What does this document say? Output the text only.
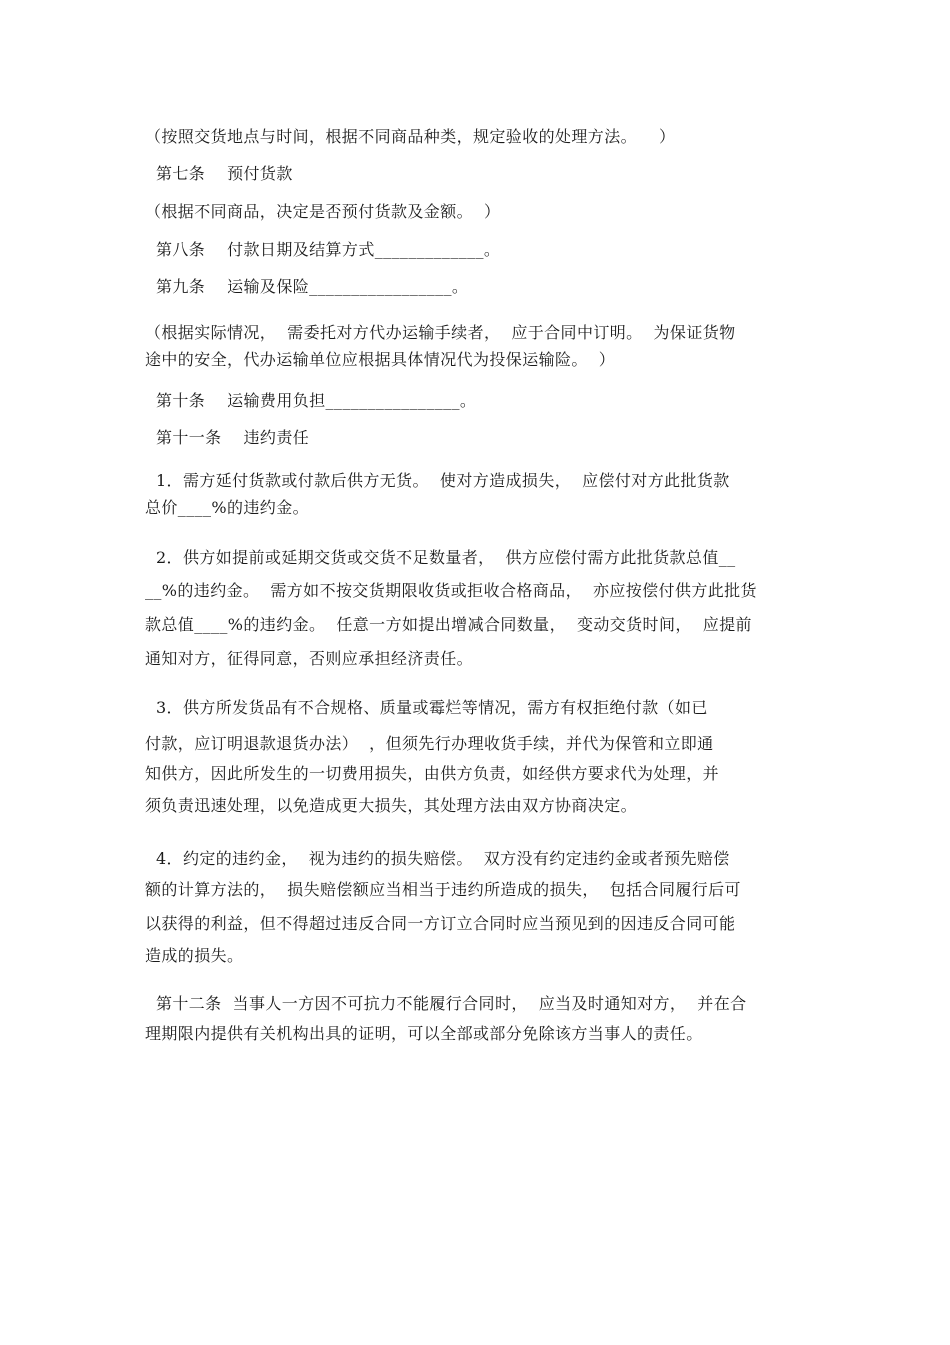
（按照交货地点与时间，根据不同商品种类，规定验收的处理方法。    ）
第七条    预付货款
（根据不同商品，决定是否预付货款及金额。  ）
第八条    付款日期及结算方式_____________。
第九条    运输及保险_________________。
（根据实际情况，  需委托对方代办运输手续者，  应于合同中订明。  为保证货物
途中的安全，代办运输单位应根据具体情况代为投保运输险。  ）
第十条    运输费用负担________________。
第十一条    违约责任
1．需方延付货款或付款后供方无货。  使对方造成损失，  应偿付对方此批货款
总价____%的违约金。
2．供方如提前或延期交货或交货不足数量者，  供方应偿付需方此批货款总值__
__%的违约金。  需方如不按交货期限收货或拒收合格商品，  亦应按偿付供方此批货
款总值____%的违约金。  任意一方如提出增减合同数量，  变动交货时间，  应提前
通知对方，征得同意，否则应承担经济责任。
3．供方所发货品有不合规格、质量或霉烂等情况，需方有权拒绝付款（如已
付款，应订明退款退货办法）  ，但须先行办理收货手续，并代为保管和立即通
知供方，因此所发生的一切费用损失，由供方负责，如经供方要求代为处理，并
须负责迅速处理，以免造成更大损失，其处理方法由双方协商决定。
4．约定的违约金，  视为违约的损失赔偿。  双方没有约定违约金或者预先赔偿
额的计算方法的，  损失赔偿额应当相当于违约所造成的损失，  包括合同履行后可
以获得的利益，但不得超过违反合同一方订立合同时应当预见到的因违反合同可能
造成的损失。
第十二条  当事人一方因不可抗力不能履行合同时，  应当及时通知对方，  并在合
理期限内提供有关机构出具的证明，可以全部或部分免除该方当事人的责任。
